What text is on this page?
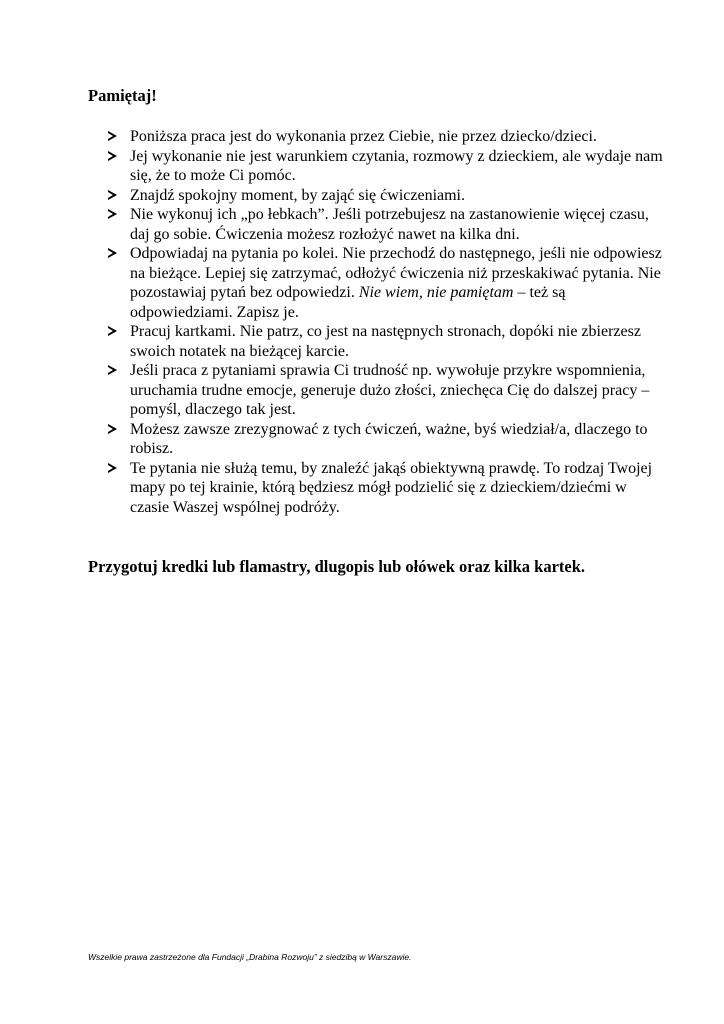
Pamiętaj!
Poniższa praca jest do wykonania przez Ciebie, nie przez dziecko/dzieci.
Jej wykonanie nie jest warunkiem czytania, rozmowy z dzieckiem, ale wydaje nam się, że to może Ci pomóc.
Znajdź spokojny moment, by zająć się ćwiczeniami.
Nie wykonuj ich „po łebkach”. Jeśli potrzebujesz na zastanowienie więcej czasu, daj go sobie. Ćwiczenia możesz rozłożyć nawet na kilka dni.
Odpowiadaj na pytania po kolei. Nie przechodź do następnego, jeśli nie odpowiesz na bieżące. Lepiej się zatrzymać, odłożyć ćwiczenia niż przeskakiwać pytania. Nie pozostawiaj pytań bez odpowiedzi. Nie wiem, nie pamiętam – też są odpowiedziami. Zapisz je.
Pracuj kartkami. Nie patrz, co jest na następnych stronach, dopóki nie zbierzesz swoich notatek na bieżącej karcie.
Jeśli praca z pytaniami sprawia Ci trudność np. wywołuje przykre wspomnienia, uruchamia trudne emocje, generuje dużo złości, zniechęca Cię do dalszej pracy – pomyśl, dlaczego tak jest.
Możesz zawsze zrezygnować z tych ćwiczeń, ważne, byś wiedział/a, dlaczego to robisz.
Te pytania nie służą temu, by znaleźć jakąś obiektywną prawdę. To rodzaj Twojej mapy po tej krainie, którą będziesz mógł podzielić się z dzieckiem/dziećmi w czasie Waszej wspólnej podróży.

Przygotuj kredki lub flamastry, dlugopis lub ołówek oraz kilka kartek.

Wszelkie prawa zastrzeżone dla Fundacji „Drabina Rozwoju” z siedzibą w Warszawie.
